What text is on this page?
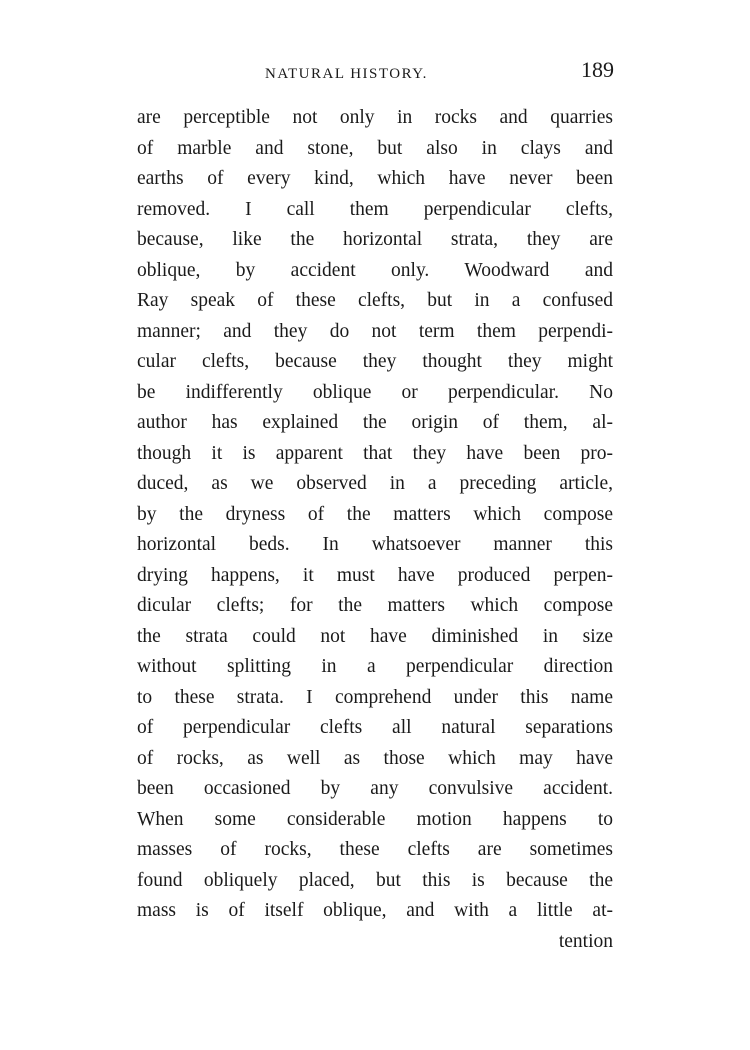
NATURAL HISTORY.	189
are perceptible not only in rocks and quarries
of marble and stone, but also in clays and
earths of every kind, which have never been
removed. I call them perpendicular clefts,
because, like the horizontal strata, they are
oblique, by accident only. Woodward and
Ray speak of these clefts, but in a confused
manner; and they do not term them perpendi-
cular clefts, because they thought they might
be indifferently oblique or perpendicular. No
author has explained the origin of them, al-
though it is apparent that they have been pro-
duced, as we observed in a preceding article,
by the dryness of the matters which compose
horizontal beds. In whatsoever manner this
drying happens, it must have produced perpen-
dicular clefts; for the matters which compose
the strata could not have diminished in size
without splitting in a perpendicular direction
to these strata. I comprehend under this name
of perpendicular clefts all natural separations
of rocks, as well as those which may have
been occasioned by any convulsive accident.
When some considerable motion happens to
masses of rocks, these clefts are sometimes
found obliquely placed, but this is because the
mass is of itself oblique, and with a little at-
tention
